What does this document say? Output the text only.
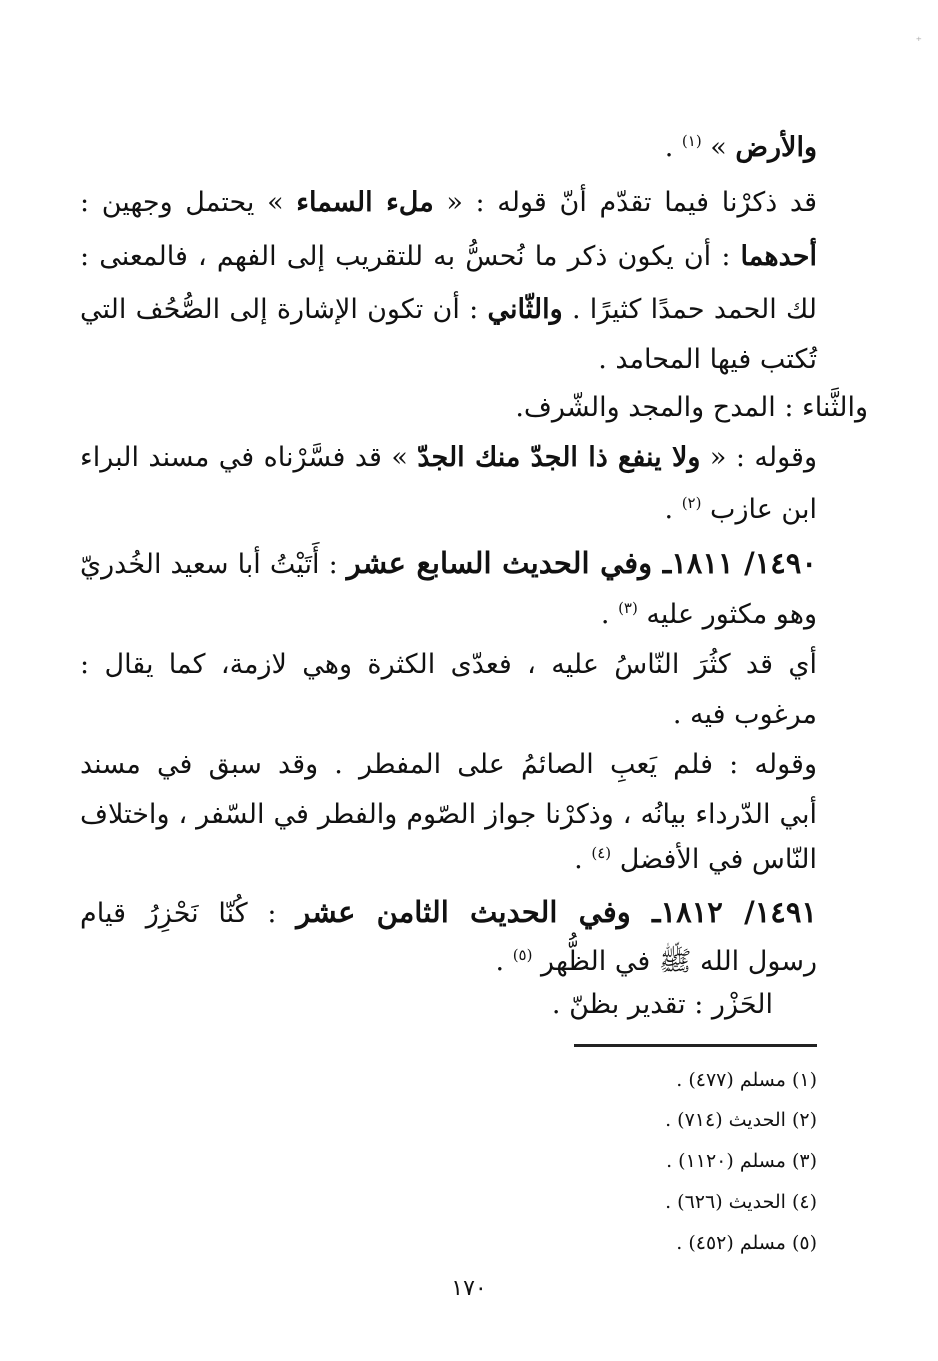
⁺
والأرض » $^{(١)}$ .
قد ذكرْنا فيما تقدّم أنّ قوله : « ملء السماء » يحتمل وجهين :
أحدهما : أن يكون ذكر ما نُحسُّ به للتقريب إلى الفهم ، فالمعنى :
لك الحمد حمدًا كثيرًا . والثّاني : أن تكون الإشارة إلى الصُّحُف التي
تُكتب فيها المحامد .
والثَّناء : المدح والمجد والشّرف.
وقوله : « ولا ينفع ذا الجدّ منك الجدّ » قد فسَّرْناه في مسند البراء
ابن عازب $^{(٢)}$ .
١٤٩٠/ ١٨١١ـ وفي الحديث السابع عشر : أَتَيْتُ أبا سعيد الخُدريّ
وهو مكثور عليه $^{(٣)}$ .
أي قد كثُرَ النّاسُ عليه ، فعدّى الكثرة وهي لازمة، كما يقال :
مرغوب فيه .
وقوله : فلم يَعبِ الصائمُ على المفطر . وقد سبق في مسند
أبي الدّرداء بيانُه ، وذكرْنا جواز الصّوم والفطر في السّفر ، واختلاف
النّاس في الأفضل $^{(٤)}$ .
١٤٩١/ ١٨١٢ـ وفي الحديث الثامن عشر : كُنّا نَحْزِرُ قيام
رسول الله ﷺ في الظُّهر $^{(٥)}$ .
الحَزْر : تقدير بظنّ .
(١) مسلم (٤٧٧) .
(٢) الحديث (٧١٤) .
(٣) مسلم (١١٢٠) .
(٤) الحديث (٦٢٦) .
(٥) مسلم (٤٥٢) .
١٧٠
